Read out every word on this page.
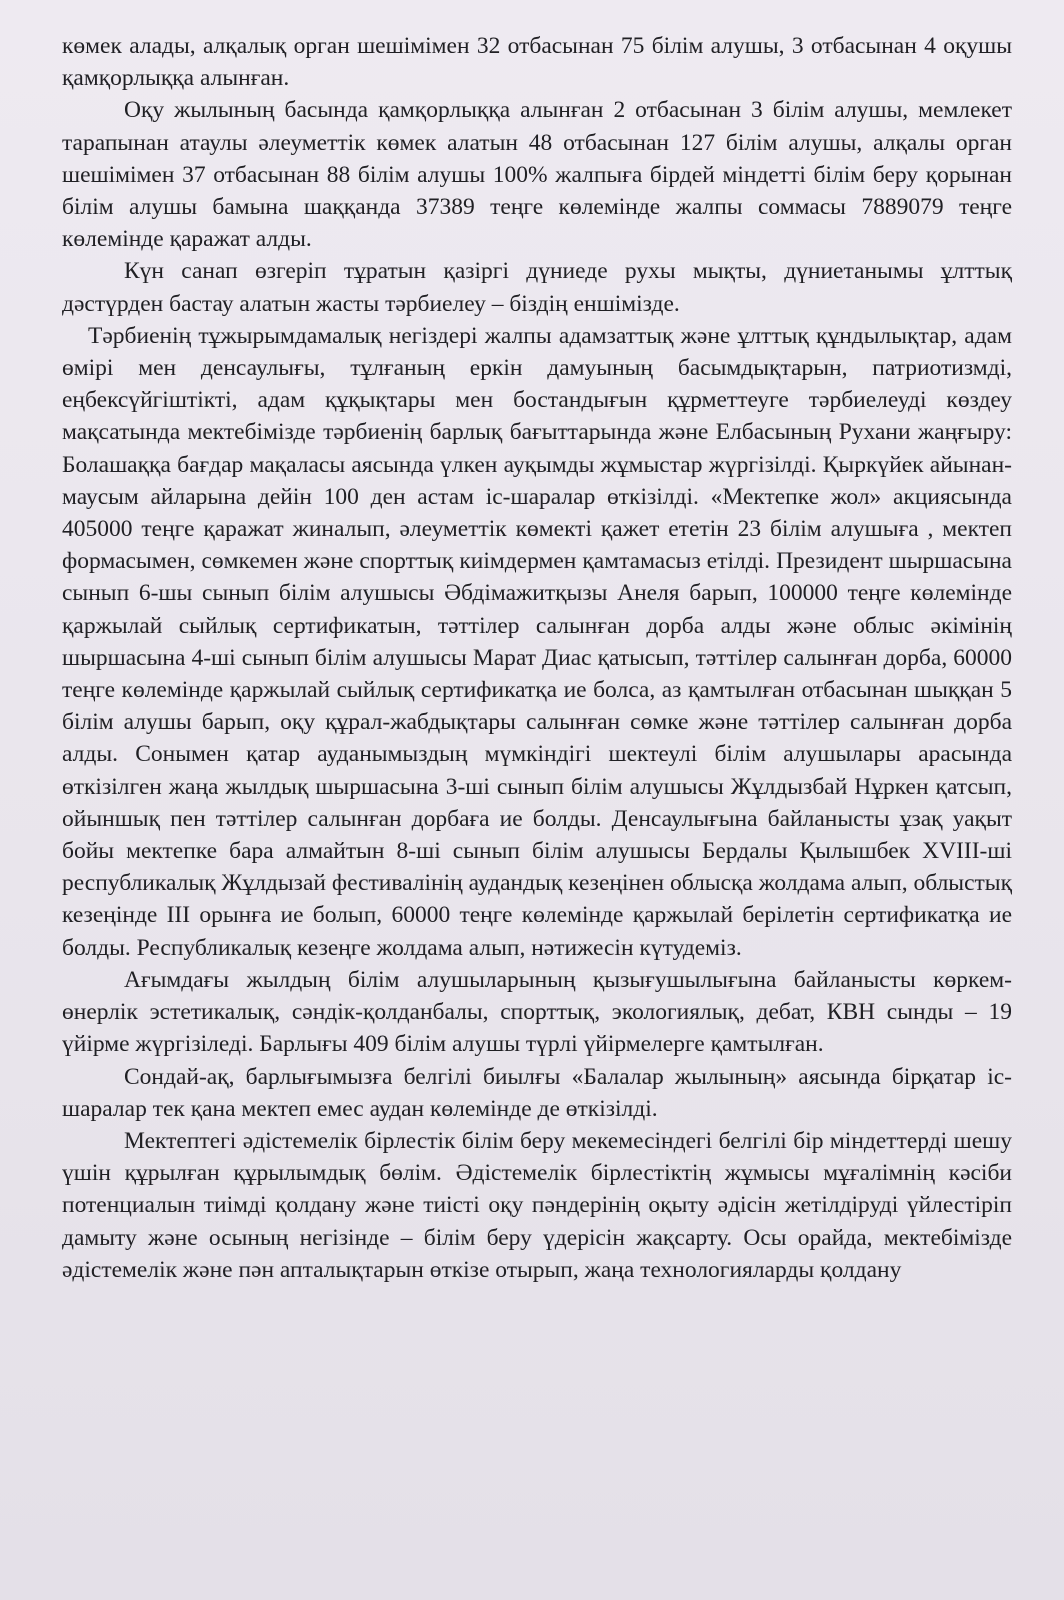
көмек алады, алқалық орган шешімімен 32 отбасынан 75 білім алушы, 3 отбасынан 4 оқушы қамқорлыққа алынған.

Оқу жылының басында қамқорлыққа алынған 2 отбасынан 3 білім алушы, мемлекет тарапынан атаулы әлеуметтік көмек алатын 48 отбасынан 127 білім алушы, алқалы орган шешімімен 37 отбасынан 88 білім алушы 100% жалпыға бірдей міндетті білім беру қорынан білім алушы бамына шаққанда 37389 теңге көлемінде жалпы соммасы 7889079 теңге көлемінде қаражат алды.

Күн санап өзгеріп тұратын қазіргі дүниеде рухы мықты, дүниетанымы ұлттық дәстүрден бастау алатын жасты тәрбиелеу – біздің еншімізде.

Тәрбиенің тұжырымдамалық негіздері жалпы адамзаттық және ұлттық құндылықтар, адам өмірі мен денсаулығы, тұлғаның еркін дамуының басымдықтарын, патриотизмді, еңбексүйгіштікті, адам құқықтары мен бостандығын құрметтеуге тәрбиелеуді көздеу мақсатында мектебімізде тәрбиенің барлық бағыттарында және Елбасының Рухани жаңғыру: Болашаққа бағдар мақаласы аясында үлкен ауқымды жұмыстар жүргізілді. Қыркүйек айынан-маусым айларына дейін 100 ден астам іс-шаралар өткізілді. «Мектепке жол» акциясында 405000 теңге қаражат жиналып, әлеуметтік көмекті қажет ететін 23 білім алушыға , мектеп формасымен, сөмкемен және спорттық киімдермен қамтамасыз етілді. Президент шыршасына сынып 6-шы сынып білім алушысы Әбдімажитқызы Анеля барып, 100000 теңге көлемінде қаржылай сыйлық сертификатын, тәттілер салынған дорба алды және облыс әкімінің шыршасына 4-ші сынып білім алушысы Марат Диас қатысып, тәттілер салынған дорба, 60000 теңге көлемінде қаржылай сыйлық сертификатқа ие болса, аз қамтылған отбасынан шыққан 5 білім алушы барып, оқу құрал-жабдықтары салынған сөмке және тәттілер салынған дорба алды. Сонымен қатар ауданымыздың мүмкіндігі шектеулі білім алушылары арасында өткізілген жаңа жылдық шыршасына 3-ші сынып білім алушысы Жұлдызбай Нұркен қатсып, ойыншық пен тәттілер салынған дорбаға ие болды. Денсаулығына байланысты ұзақ уақыт бойы мектепке бара алмайтын 8-ші сынып білім алушысы Бердалы Қылышбек XVIII-ші республикалық Жұлдызай фестивалінің аудандық кезеңінен облысқа жолдама алып, облыстық кезеңінде III орынға ие болып, 60000 теңге көлемінде қаржылай берілетін сертификатқа ие болды. Республикалық кезеңге жолдама алып, нәтижесін күтудеміз.

Ағымдағы жылдың білім алушыларының қызығушылығына байланысты көркем-өнерлік эстетикалық, сәндік-қолданбалы, спорттық, экологиялық, дебат, КВН сынды – 19 үйірме жүргізіледі. Барлығы 409 білім алушы түрлі үйірмелерге қамтылған.

Сондай-ақ, барлығымызға белгілі биылғы «Балалар жылының» аясында бірқатар іс-шаралар тек қана мектеп емес аудан көлемінде де өткізілді.

Мектептегі әдістемелік бірлестік білім беру мекемесіндегі белгілі бір міндеттерді шешу үшін құрылған құрылымдық бөлім. Әдістемелік бірлестіктің жұмысы мұғалімнің кәсіби потенциалын тиімді қолдану және тиісті оқу пәндерінің оқыту әдісін жетілдіруді үйлестіріп дамыту және осының негізінде – білім беру үдерісін жақсарту. Осы орайда, мектебімізде әдістемелік және пән апталықтарын өткізе отырып, жаңа технологияларды қолдану
